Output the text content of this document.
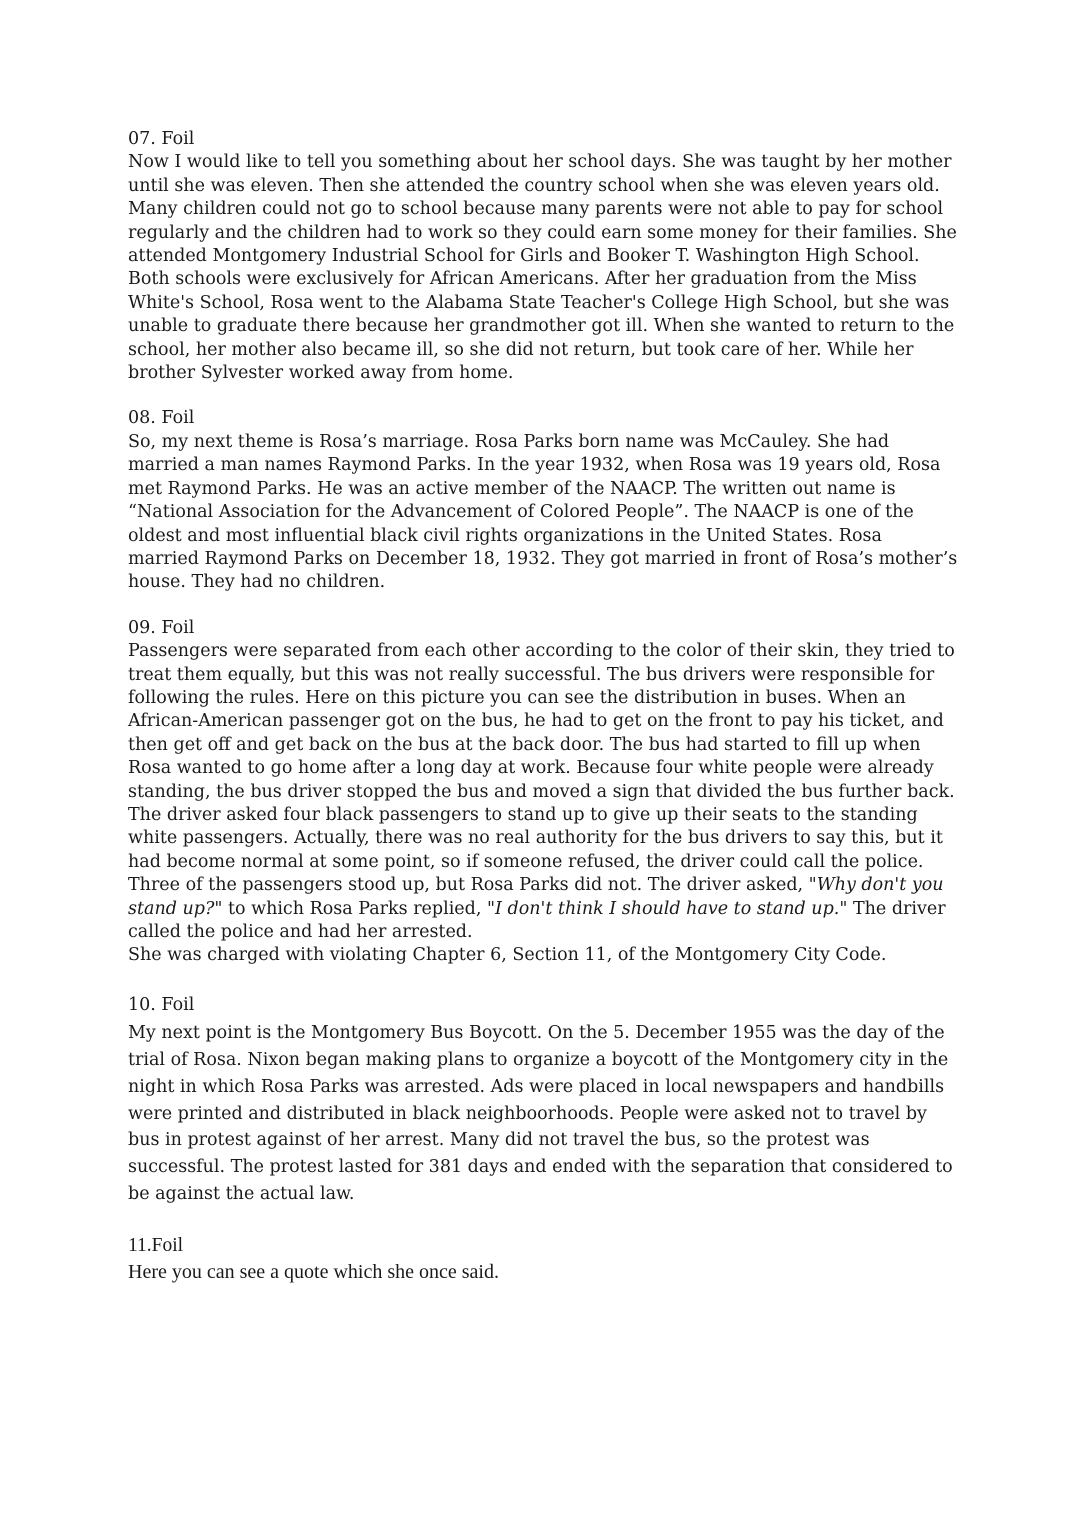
07. Foil

Now I would like to tell you something about her school days. She was taught by her mother until she was eleven. Then she attended the country school when she was eleven years old. Many children could not go to school because many parents were not able to pay for school regularly and the children had to work so they could earn some money for their families. She attended Montgomery Industrial School for Girls and Booker T. Washington High School. Both schools were exclusively for African Americans. After her graduation from the Miss White's School, Rosa went to the Alabama State Teacher's College High School, but she was unable to graduate there because her grandmother got ill. When she wanted to return to the school, her mother also became ill, so she did not return, but took care of her. While her brother Sylvester worked away from home.

08. Foil

So, my next theme is Rosa’s marriage. Rosa Parks born name was McCauley. She had married a man names Raymond Parks. In the year 1932, when Rosa was 19 years old, Rosa met Raymond Parks. He was an active member of the NAACP. The written out name is “National Association for the Advancement of Colored People”. The NAACP is one of the oldest and most influential black civil rights organizations in the United States. Rosa married Raymond Parks on December 18, 1932. They got married in front of Rosa’s mother’s house. They had no children.

09. Foil

Passengers were separated from each other according to the color of their skin, they tried to treat them equally, but this was not really successful. The bus drivers were responsible for following the rules. Here on this picture you can see the distribution in buses. When an African-American passenger got on the bus, he had to get on the front to pay his ticket, and then get off and get back on the bus at the back door. The bus had started to fill up when Rosa wanted to go home after a long day at work. Because four white people were already standing, the bus driver stopped the bus and moved a sign that divided the bus further back. The driver asked four black passengers to stand up to give up their seats to the standing white passengers. Actually, there was no real authority for the bus drivers to say this, but it had become normal at some point, so if someone refused, the driver could call the police. Three of the passengers stood up, but Rosa Parks did not. The driver asked, "Why don't you stand up?" to which Rosa Parks replied, "I don't think I should have to stand up." The driver called the police and had her arrested.

She was charged with violating Chapter 6, Section 11, of the Montgomery City Code.

10. Foil

My next point is the Montgomery Bus Boycott. On the 5. December 1955 was the day of the trial of Rosa. Nixon began making plans to organize a boycott of the Montgomery city in the night in which Rosa Parks was arrested. Ads were placed in local newspapers and handbills were printed and distributed in black neighboorhoods. People were asked not to travel by bus in protest against of her arrest. Many did not travel the bus, so the protest was successful. The protest lasted for 381 days and ended with the separation that considered to be against the actual law.

11.Foil

Here you can see a quote which she once said.
